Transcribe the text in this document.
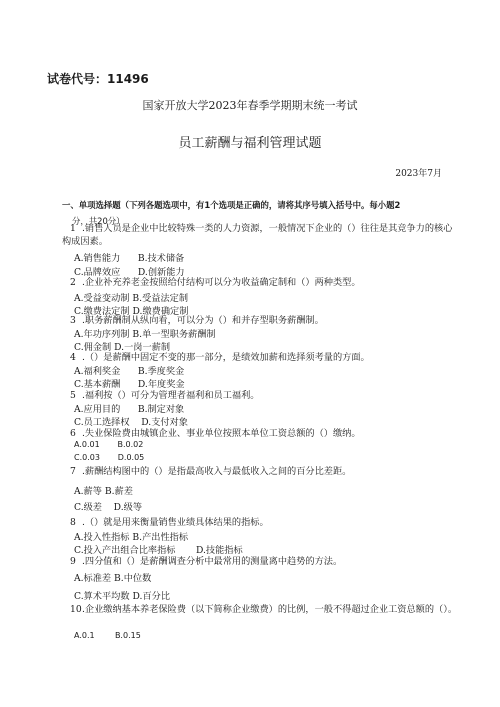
试卷代号：11496
国家开放大学2023年春季学期期末统一考试
员工薪酬与福利管理试题
2023年7月
一、单项选择题（下列各题选项中，有1个选项是正确的，请将其序号填入括号中。每小题2
分，共20分）
1 .销售人员是企业中比较特殊一类的人力资源，一般情况下企业的（）往往是其竞争力的核心构成因素。
A.销售能力      B.技术储备
C.品牌效应      D.创新能力
2 .企业补充养老金按照给付结构可以分为收益确定制和（）两种类型。
A.受益变动制 B.受益法定制
C.缴费法定制 D.缴费确定制
3 .职务薪酬制从纵向看，可以分为（）和并存型职务薪酬制。
A.年功序列制 B.单一型职务薪酬制
C.佣金制 D.一岗一薪制
4 .（）是薪酬中固定不变的那一部分，是绩效加薪和选择须考量的方面。
A.福利奖金      B.季度奖金
C.基本薪酬      D.年度奖金
5 .福利按（）可分为管理者福利和员工福利。
A.应用目的      B.制定对象
C.员工选择权    D.支付对象
6 .失业保险费由城镇企业、事业单位按照本单位工资总额的（）缴纳。
A.0.01       B.0.02
C.0.03       D.0.05
7 .薪酬结构图中的（）是指最高收入与最低收入之间的百分比差距。
A.薪等 B.薪差
C.级差    D.级等
8 .（）就是用来衡量销售业绩具体结果的指标。
A.投入性指标 B.产出性指标
C.投入产出组合比率指标       D.技能指标
9 .四分值和（）是薪酬调查分析中最常用的测量离中趋势的方法。
A.标准差 B.中位数
C.算术平均数 D.百分比
10.企业缴纳基本养老保险费（以下简称企业缴费）的比例，一般不得超过企业工资总额的（）。
A.0.1        B.0.15
